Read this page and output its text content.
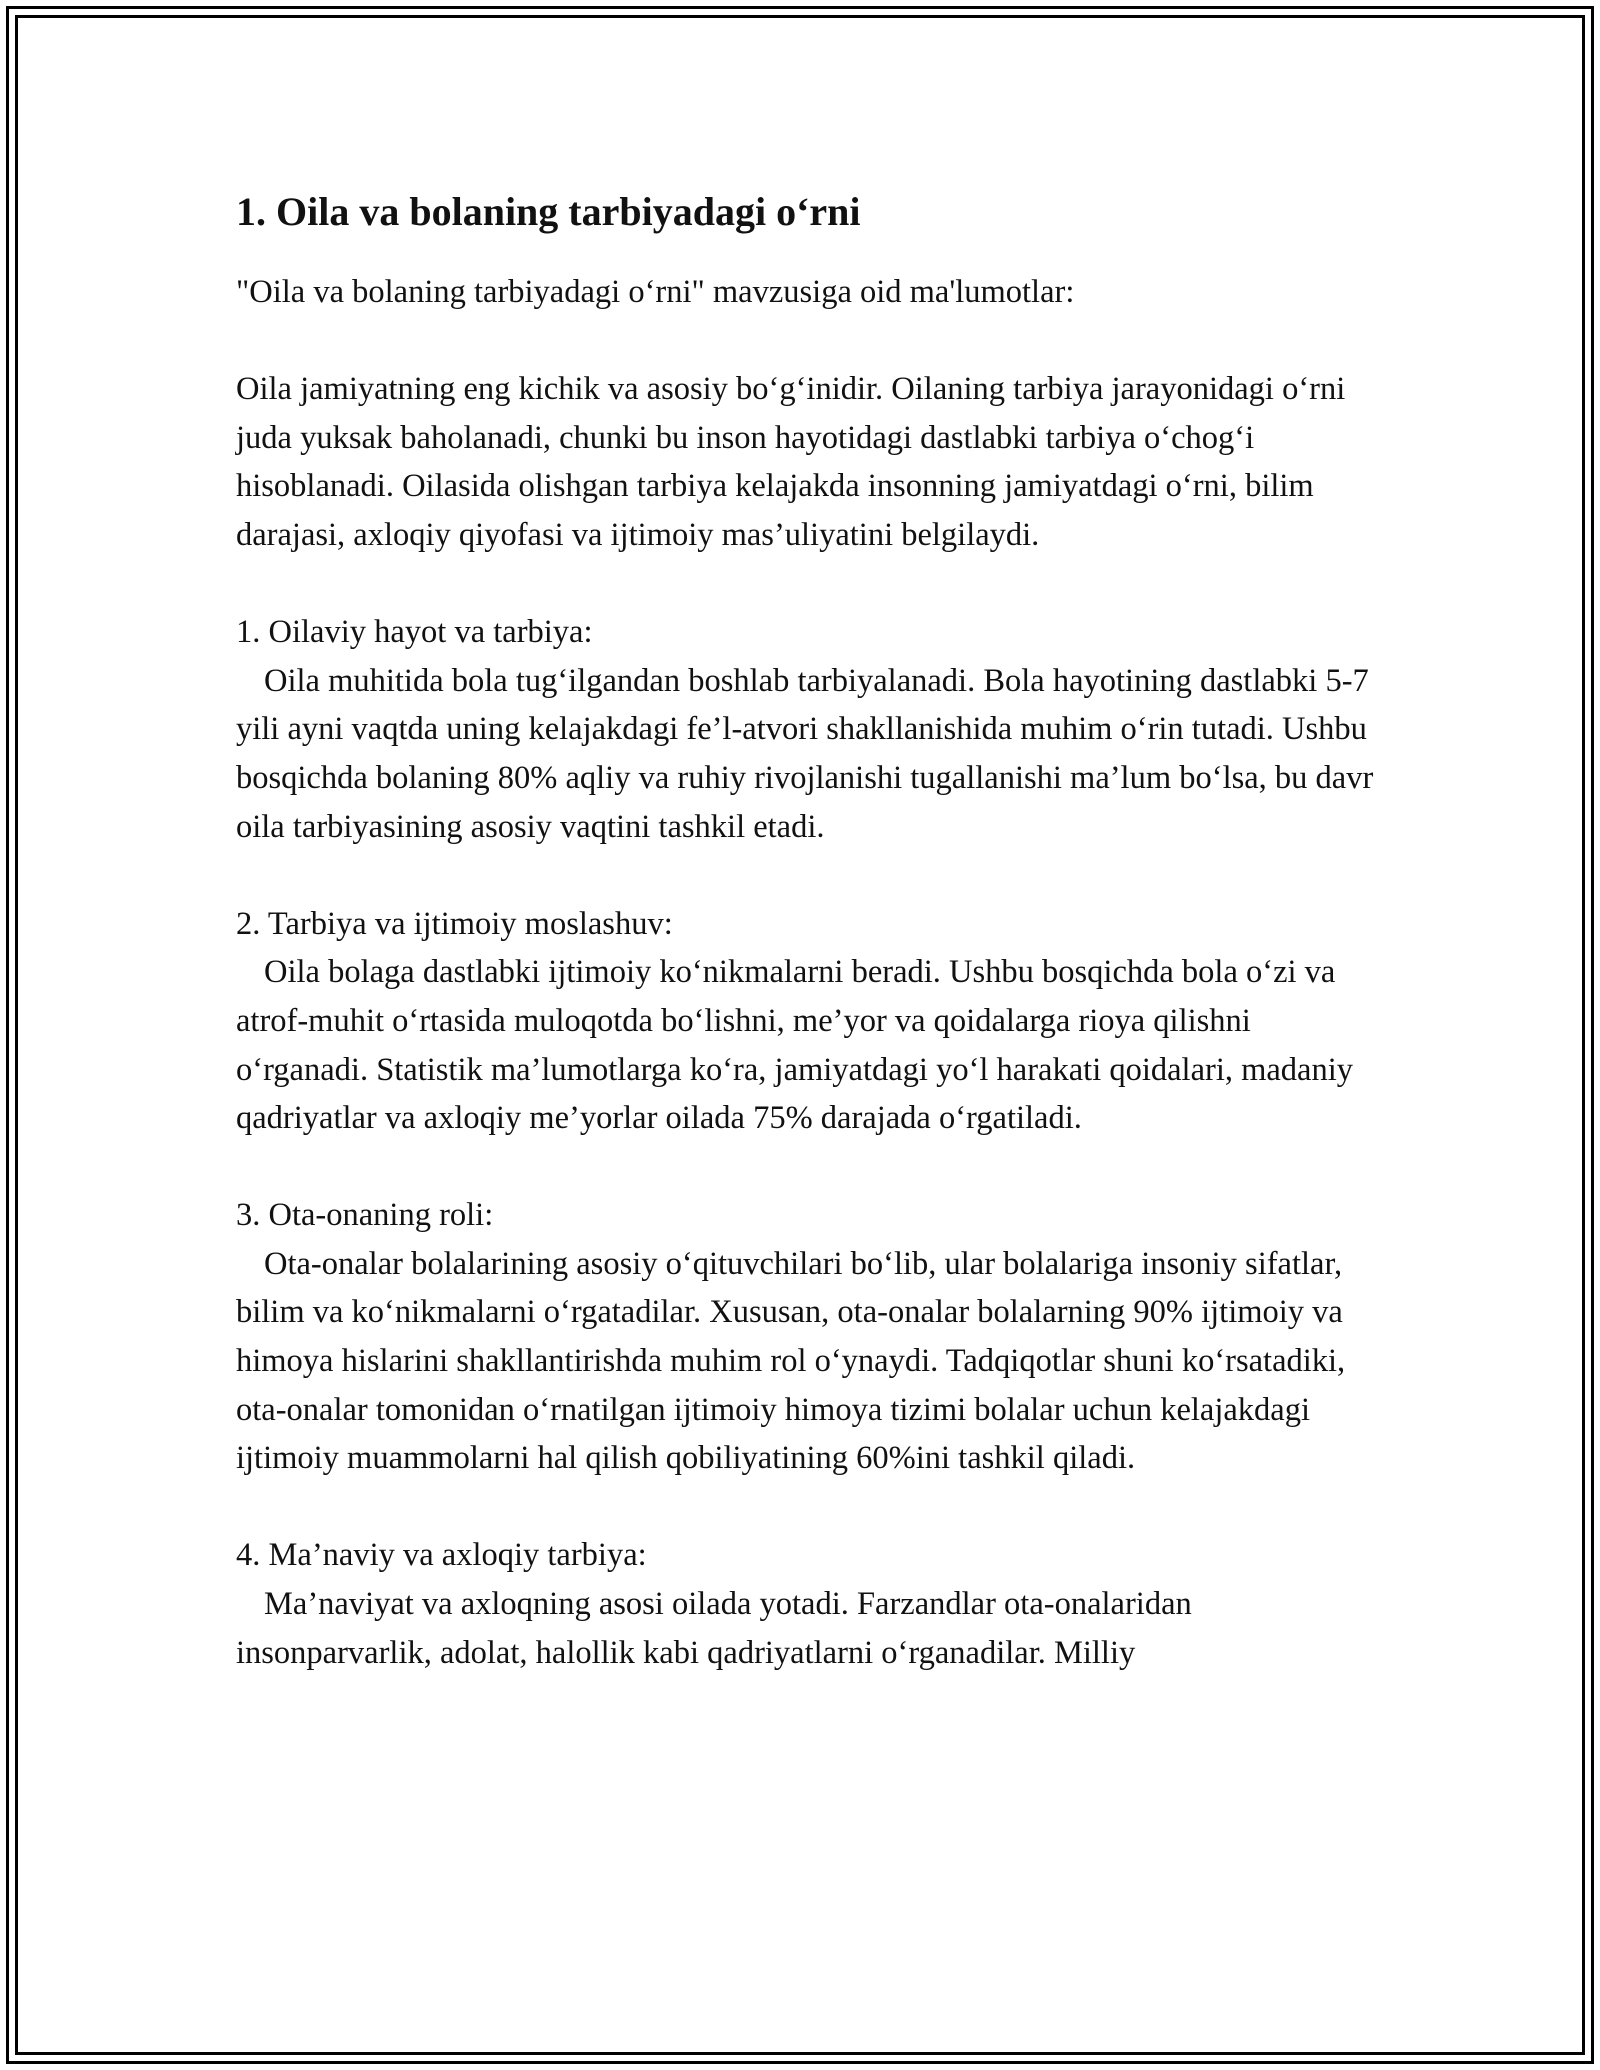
1. Oila va bolaning tarbiyadagi o‘rni

"Oila va bolaning tarbiyadagi o‘rni" mavzusiga oid ma'lumotlar:

Oila jamiyatning eng kichik va asosiy bo‘g‘inidir. Oilaning tarbiya jarayonidagi o‘rni juda yuksak baholanadi, chunki bu inson hayotidagi dastlabki tarbiya o‘chog‘i hisoblanadi. Oilasida olishgan tarbiya kelajakda insonning jamiyatdagi o‘rni, bilim darajasi, axloqiy qiyofasi va ijtimoiy mas’uliyatini belgilaydi.

1. Oilaviy hayot va tarbiya:

Oila muhitida bola tug‘ilgandan boshlab tarbiyalanadi. Bola hayotining dastlabki 5-7 yili ayni vaqtda uning kelajakdagi fe’l-atvori shakllanishida muhim o‘rin tutadi. Ushbu bosqichda bolaning 80% aqliy va ruhiy rivojlanishi tugallanishi ma’lum bo‘lsa, bu davr oila tarbiyasining asosiy vaqtini tashkil etadi.

2. Tarbiya va ijtimoiy moslashuv:

Oila bolaga dastlabki ijtimoiy ko‘nikmalarni beradi. Ushbu bosqichda bola o‘zi va atrof-muhit o‘rtasida muloqotda bo‘lishni, me’yor va qoidalarga rioya qilishni o‘rganadi. Statistik ma’lumotlarga ko‘ra, jamiyatdagi yo‘l harakati qoidalari, madaniy qadriyatlar va axloqiy me’yorlar oilada 75% darajada o‘rgatiladi.

3. Ota-onaning roli:

Ota-onalar bolalarining asosiy o‘qituvchilari bo‘lib, ular bolalariga insoniy sifatlar, bilim va ko‘nikmalarni o‘rgatadilar. Xususan, ota-onalar bolalarning 90% ijtimoiy va himoya hislarini shakllantirishda muhim rol o‘ynaydi. Tadqiqotlar shuni ko‘rsatadiki, ota-onalar tomonidan o‘rnatilgan ijtimoiy himoya tizimi bolalar uchun kelajakdagi ijtimoiy muammolarni hal qilish qobiliyatining 60%ini tashkil qiladi.

4. Ma’naviy va axloqiy tarbiya:

Ma’naviyat va axloqning asosi oilada yotadi. Farzandlar ota-onalaridan insonparvarlik, adolat, halollik kabi qadriyatlarni o‘rganadilar. Milliy
